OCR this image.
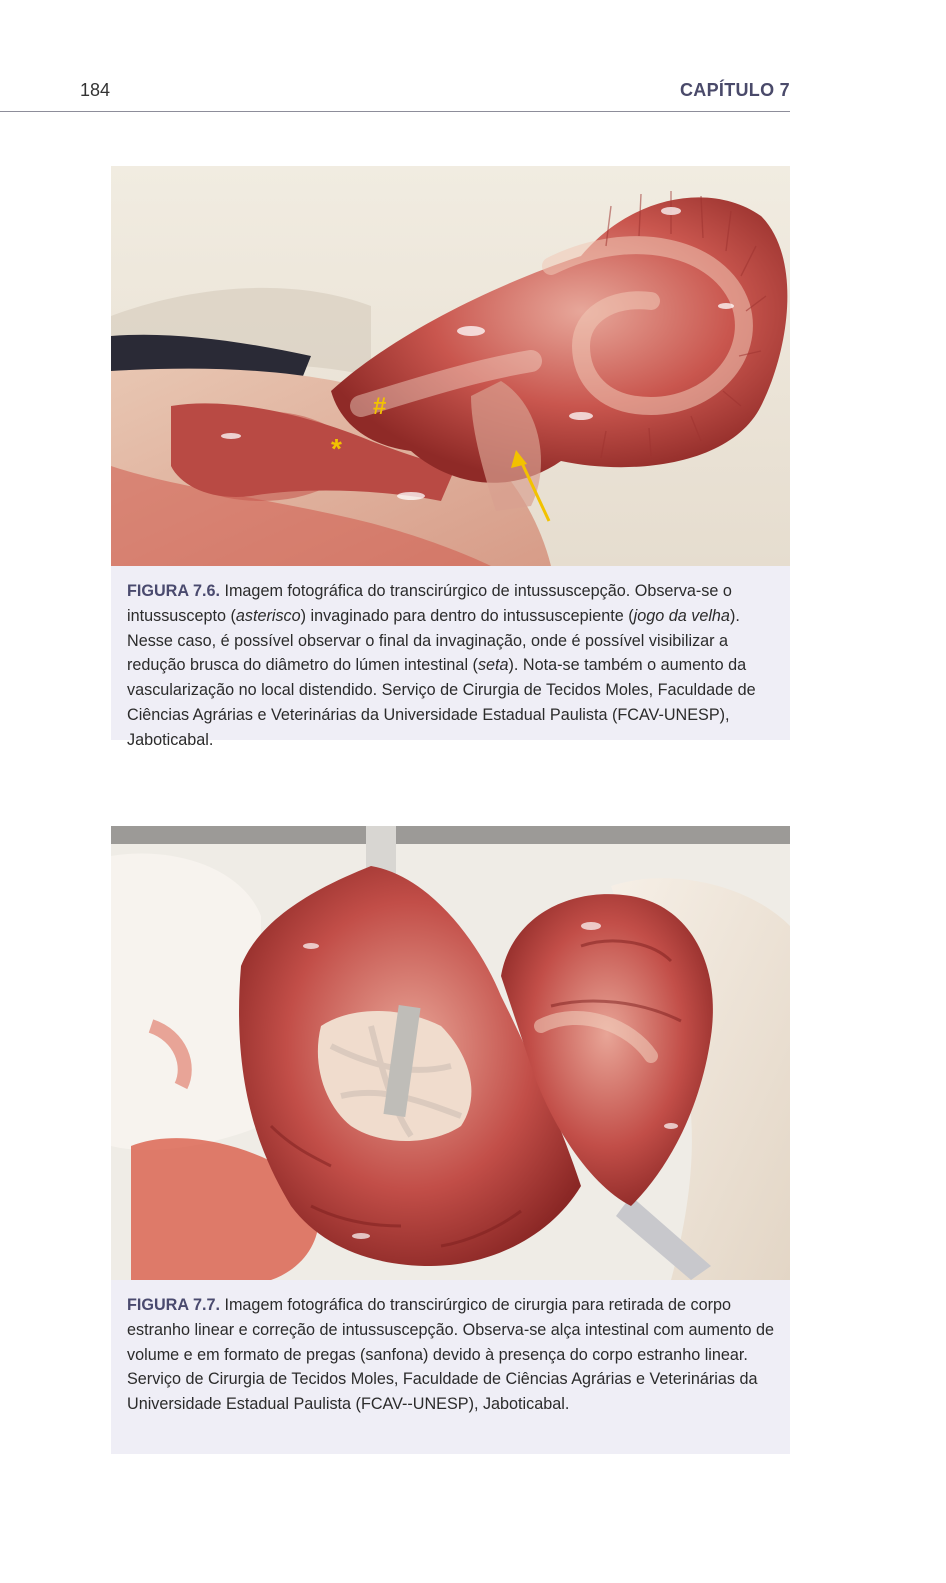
184	CAPÍTULO 7
#
*
FIGURA 7.6. Imagem fotográfica do transcirúrgico de intussuscepção. Observa-se o intussuscepto (asterisco) invaginado para dentro do intussuscepiente (jogo da velha). Nesse caso, é possível observar o final da invaginação, onde é possível visibilizar a redução brusca do diâmetro do lúmen intestinal (seta). Nota-se também o aumento da vascularização no local distendido. Serviço de Cirurgia de Tecidos Moles, Faculdade de Ciências Agrárias e Veterinárias da Universidade Estadual Paulista (FCAV-UNESP), Jaboticabal.
FIGURA 7.7. Imagem fotográfica do transcirúrgico de cirurgia para retirada de corpo estranho linear e correção de intussuscepção. Observa-se alça intestinal com aumento de volume e em formato de pregas (sanfona) devido à presença do corpo estranho linear. Serviço de Cirurgia de Tecidos Moles, Faculdade de Ciências Agrárias e Veterinárias da Universidade Estadual Paulista (FCAV--UNESP), Jaboticabal.
